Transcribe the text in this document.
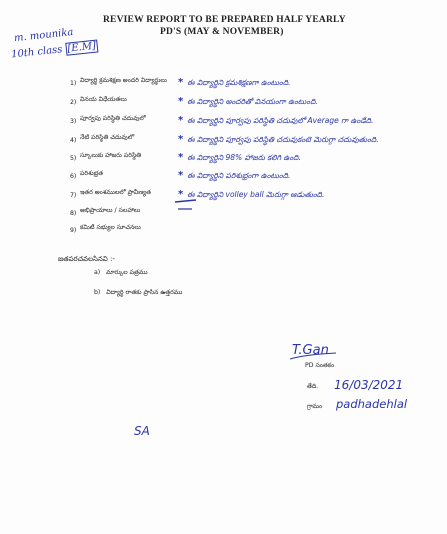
REVIEW REPORT TO BE PREPARED HALF YEARLY
PD'S (MAY & NOVEMBER)
m. mounika
10th class [E.M]
1) విద్యార్థి క్రమశిక్షణ అందరి విద్యార్థులు * ఈ విద్యార్థిని క్రమశిక్షణగా ఉంటుంది.
2) వినయ విధేయతలు	* ఈ విద్యార్థిని అందరితో వినయంగా ఉంటుంది.
3) పూర్వపు పరిస్థితి చదువులో	* ఈ విద్యార్థిని పూర్వపు పరిస్థితి చదువులో Average గా ఉండేది.
4) నేటి పరిస్థితి చదువులో	* ఈ విద్యార్థిని పూర్వపు పరిస్థితి చదువుకంటె మెరుగ్గా చదువుతుంది.
5) స్కూలుకు హాజరు పరిస్థితి	* ఈ విద్యార్థిని 98% హాజరు కలిగి ఉంది.
6) పరిశుభ్రత	* ఈ విద్యార్థిని పరిశుభ్రంగా ఉంటుంది.
7) ఇతర అంశములలో ప్రావీణ్యత	* ఈ విద్యార్థిని volley ball మెరుగ్గా ఆడుతుంది.
8) అభిప్రాయాలు / సలహాలు
9) కమిటీ సభ్యుల సూచనలు
జతపరచవలసినవి :-
a) మార్కుల పత్రము
b) విద్యార్థి రాతకు ప్రాసిన ఉత్తరము
T.Gan
PD సంతకం
తేది. 16/03/2021
గ్రామం padhadehlal
SA
